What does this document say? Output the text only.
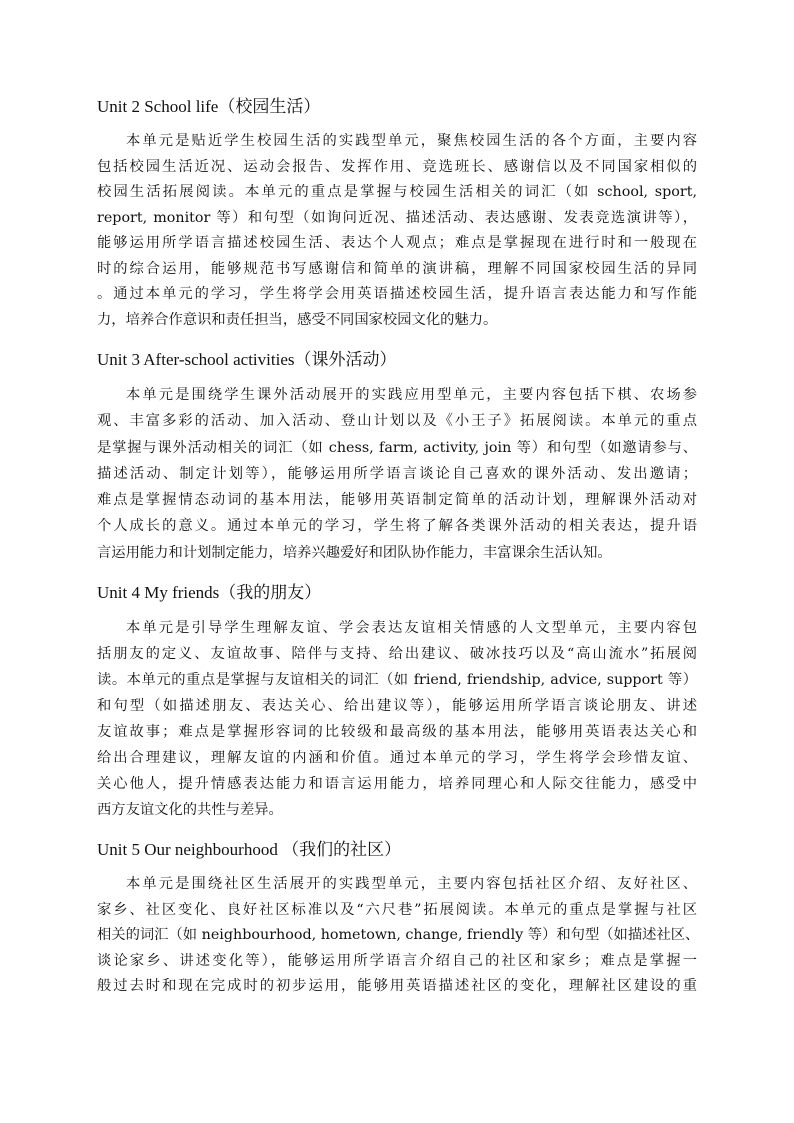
Unit 2 School life（校园生活）
本单元是贴近学生校园生活的实践型单元，聚焦校园生活的各个方面，主要内容
包括校园生活近况、运动会报告、发挥作用、竞选班长、感谢信以及不同国家相似的
校园生活拓展阅读。本单元的重点是掌握与校园生活相关的词汇（如 school, sport,
report, monitor 等）和句型（如询问近况、描述活动、表达感谢、发表竞选演讲等），
能够运用所学语言描述校园生活、表达个人观点；难点是掌握现在进行时和一般现在
时的综合运用，能够规范书写感谢信和简单的演讲稿，理解不同国家校园生活的异同
。通过本单元的学习，学生将学会用英语描述校园生活，提升语言表达能力和写作能
力，培养合作意识和责任担当，感受不同国家校园文化的魅力。
Unit 3 After-school activities（课外活动）
本单元是围绕学生课外活动展开的实践应用型单元，主要内容包括下棋、农场参
观、丰富多彩的活动、加入活动、登山计划以及《小王子》拓展阅读。本单元的重点
是掌握与课外活动相关的词汇（如 chess, farm, activity, join 等）和句型（如邀请参与、
描述活动、制定计划等），能够运用所学语言谈论自己喜欢的课外活动、发出邀请；
难点是掌握情态动词的基本用法，能够用英语制定简单的活动计划，理解课外活动对
个人成长的意义。通过本单元的学习，学生将了解各类课外活动的相关表达，提升语
言运用能力和计划制定能力，培养兴趣爱好和团队协作能力，丰富课余生活认知。
Unit 4 My friends（我的朋友）
本单元是引导学生理解友谊、学会表达友谊相关情感的人文型单元，主要内容包
括朋友的定义、友谊故事、陪伴与支持、给出建议、破冰技巧以及“高山流水”拓展阅
读。本单元的重点是掌握与友谊相关的词汇（如 friend, friendship, advice, support 等）
和句型（如描述朋友、表达关心、给出建议等），能够运用所学语言谈论朋友、讲述
友谊故事；难点是掌握形容词的比较级和最高级的基本用法，能够用英语表达关心和
给出合理建议，理解友谊的内涵和价值。通过本单元的学习，学生将学会珍惜友谊、
关心他人，提升情感表达能力和语言运用能力，培养同理心和人际交往能力，感受中
西方友谊文化的共性与差异。
Unit 5 Our neighbourhood （我们的社区）
本单元是围绕社区生活展开的实践型单元，主要内容包括社区介绍、友好社区、
家乡、社区变化、良好社区标准以及“六尺巷”拓展阅读。本单元的重点是掌握与社区
相关的词汇（如 neighbourhood, hometown, change, friendly 等）和句型（如描述社区、
谈论家乡、讲述变化等），能够运用所学语言介绍自己的社区和家乡；难点是掌握一
般过去时和现在完成时的初步运用，能够用英语描述社区的变化，理解社区建设的重
